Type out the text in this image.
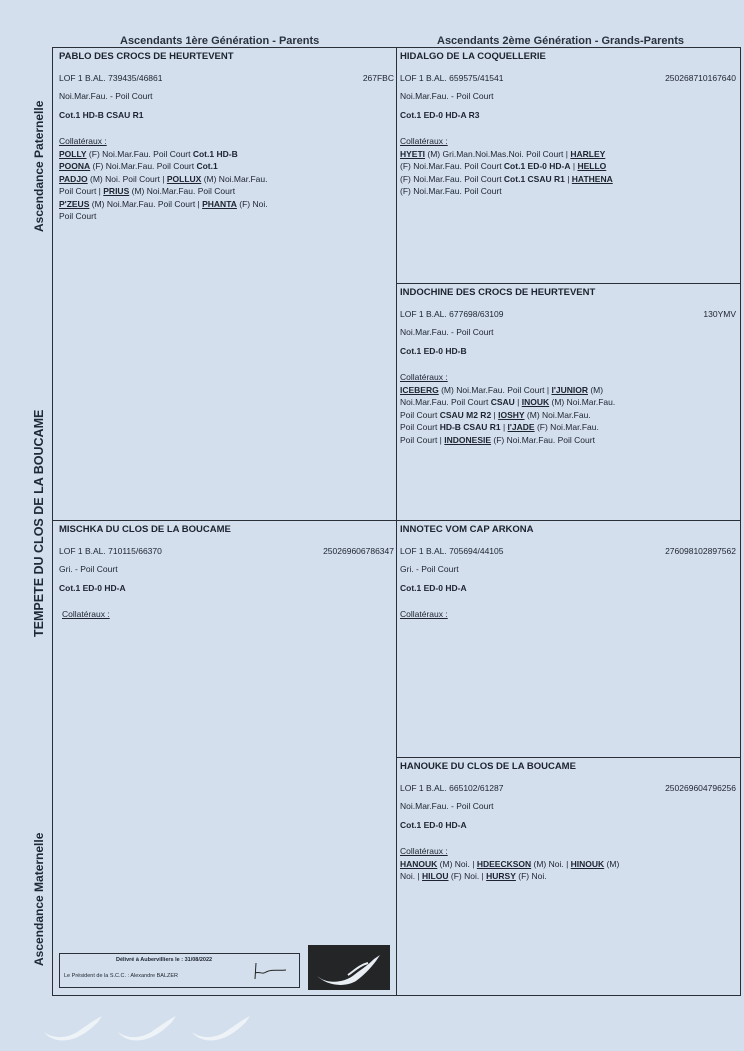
Ascendants 1ère Génération - Parents	Ascendants 2ème Génération - Grands-Parents
Ascendance Paternelle
TEMPETE DU CLOS DE LA BOUCAME
Ascendance Maternelle
PABLO DES CROCS DE HEURTEVENT
LOF 1 B.AL. 739435/46861	267FBC
Noi.Mar.Fau. - Poil Court
Cot.1 HD-B CSAU R1
Collatéraux :
POLLY (F) Noi.Mar.Fau. Poil Court Cot.1 HD-B
POONA (F) Noi.Mar.Fau. Poil Court Cot.1
PADJO (M) Noi. Poil Court | POLLUX (M) Noi.Mar.Fau.
Poil Court | PRIUS (M) Noi.Mar.Fau. Poil Court
P'ZEUS (M) Noi.Mar.Fau. Poil Court | PHANTA (F) Noi.
Poil Court
HIDALGO DE LA COQUELLERIE
LOF 1 B.AL. 659575/41541	250268710167640
Noi.Mar.Fau. - Poil Court
Cot.1 ED-0 HD-A R3
Collatéraux :
HYETI (M) Gri.Man.Noi.Mas.Noi. Poil Court | HARLEY
(F) Noi.Mar.Fau. Poil Court Cot.1 ED-0 HD-A | HELLO
(F) Noi.Mar.Fau. Poil Court Cot.1 CSAU R1 | HATHENA
(F) Noi.Mar.Fau. Poil Court
INDOCHINE DES CROCS DE HEURTEVENT
LOF 1 B.AL. 677698/63109	130YMV
Noi.Mar.Fau. - Poil Court
Cot.1 ED-0 HD-B
Collatéraux :
ICEBERG (M) Noi.Mar.Fau. Poil Court | I'JUNIOR (M)
Noi.Mar.Fau. Poil Court CSAU | INOUK (M) Noi.Mar.Fau.
Poil Court CSAU M2 R2 | IOSHY (M) Noi.Mar.Fau.
Poil Court HD-B CSAU R1 | I'JADE (F) Noi.Mar.Fau.
Poil Court | INDONESIE (F) Noi.Mar.Fau. Poil Court
MISCHKA DU CLOS DE LA BOUCAME
LOF 1 B.AL. 710115/66370	250269606786347
Gri. - Poil Court
Cot.1 ED-0 HD-A
Collatéraux :
INNOTEC VOM CAP ARKONA
LOF 1 B.AL. 705694/44105	276098102897562
Gri. - Poil Court
Cot.1 ED-0 HD-A
Collatéraux :
HANOUKE DU CLOS DE LA BOUCAME
LOF 1 B.AL. 665102/61287	250269604796256
Noi.Mar.Fau. - Poil Court
Cot.1 ED-0 HD-A
Collatéraux :
HANOUK (M) Noi. | HDEECKSON (M) Noi. | HINOUK (M)
Noi. | HILOU (F) Noi. | HURSY (F) Noi.
Délivré à Aubervilliers le : 31/08/2022
Le Président de la S.C.C. : Alexandre BALZER
